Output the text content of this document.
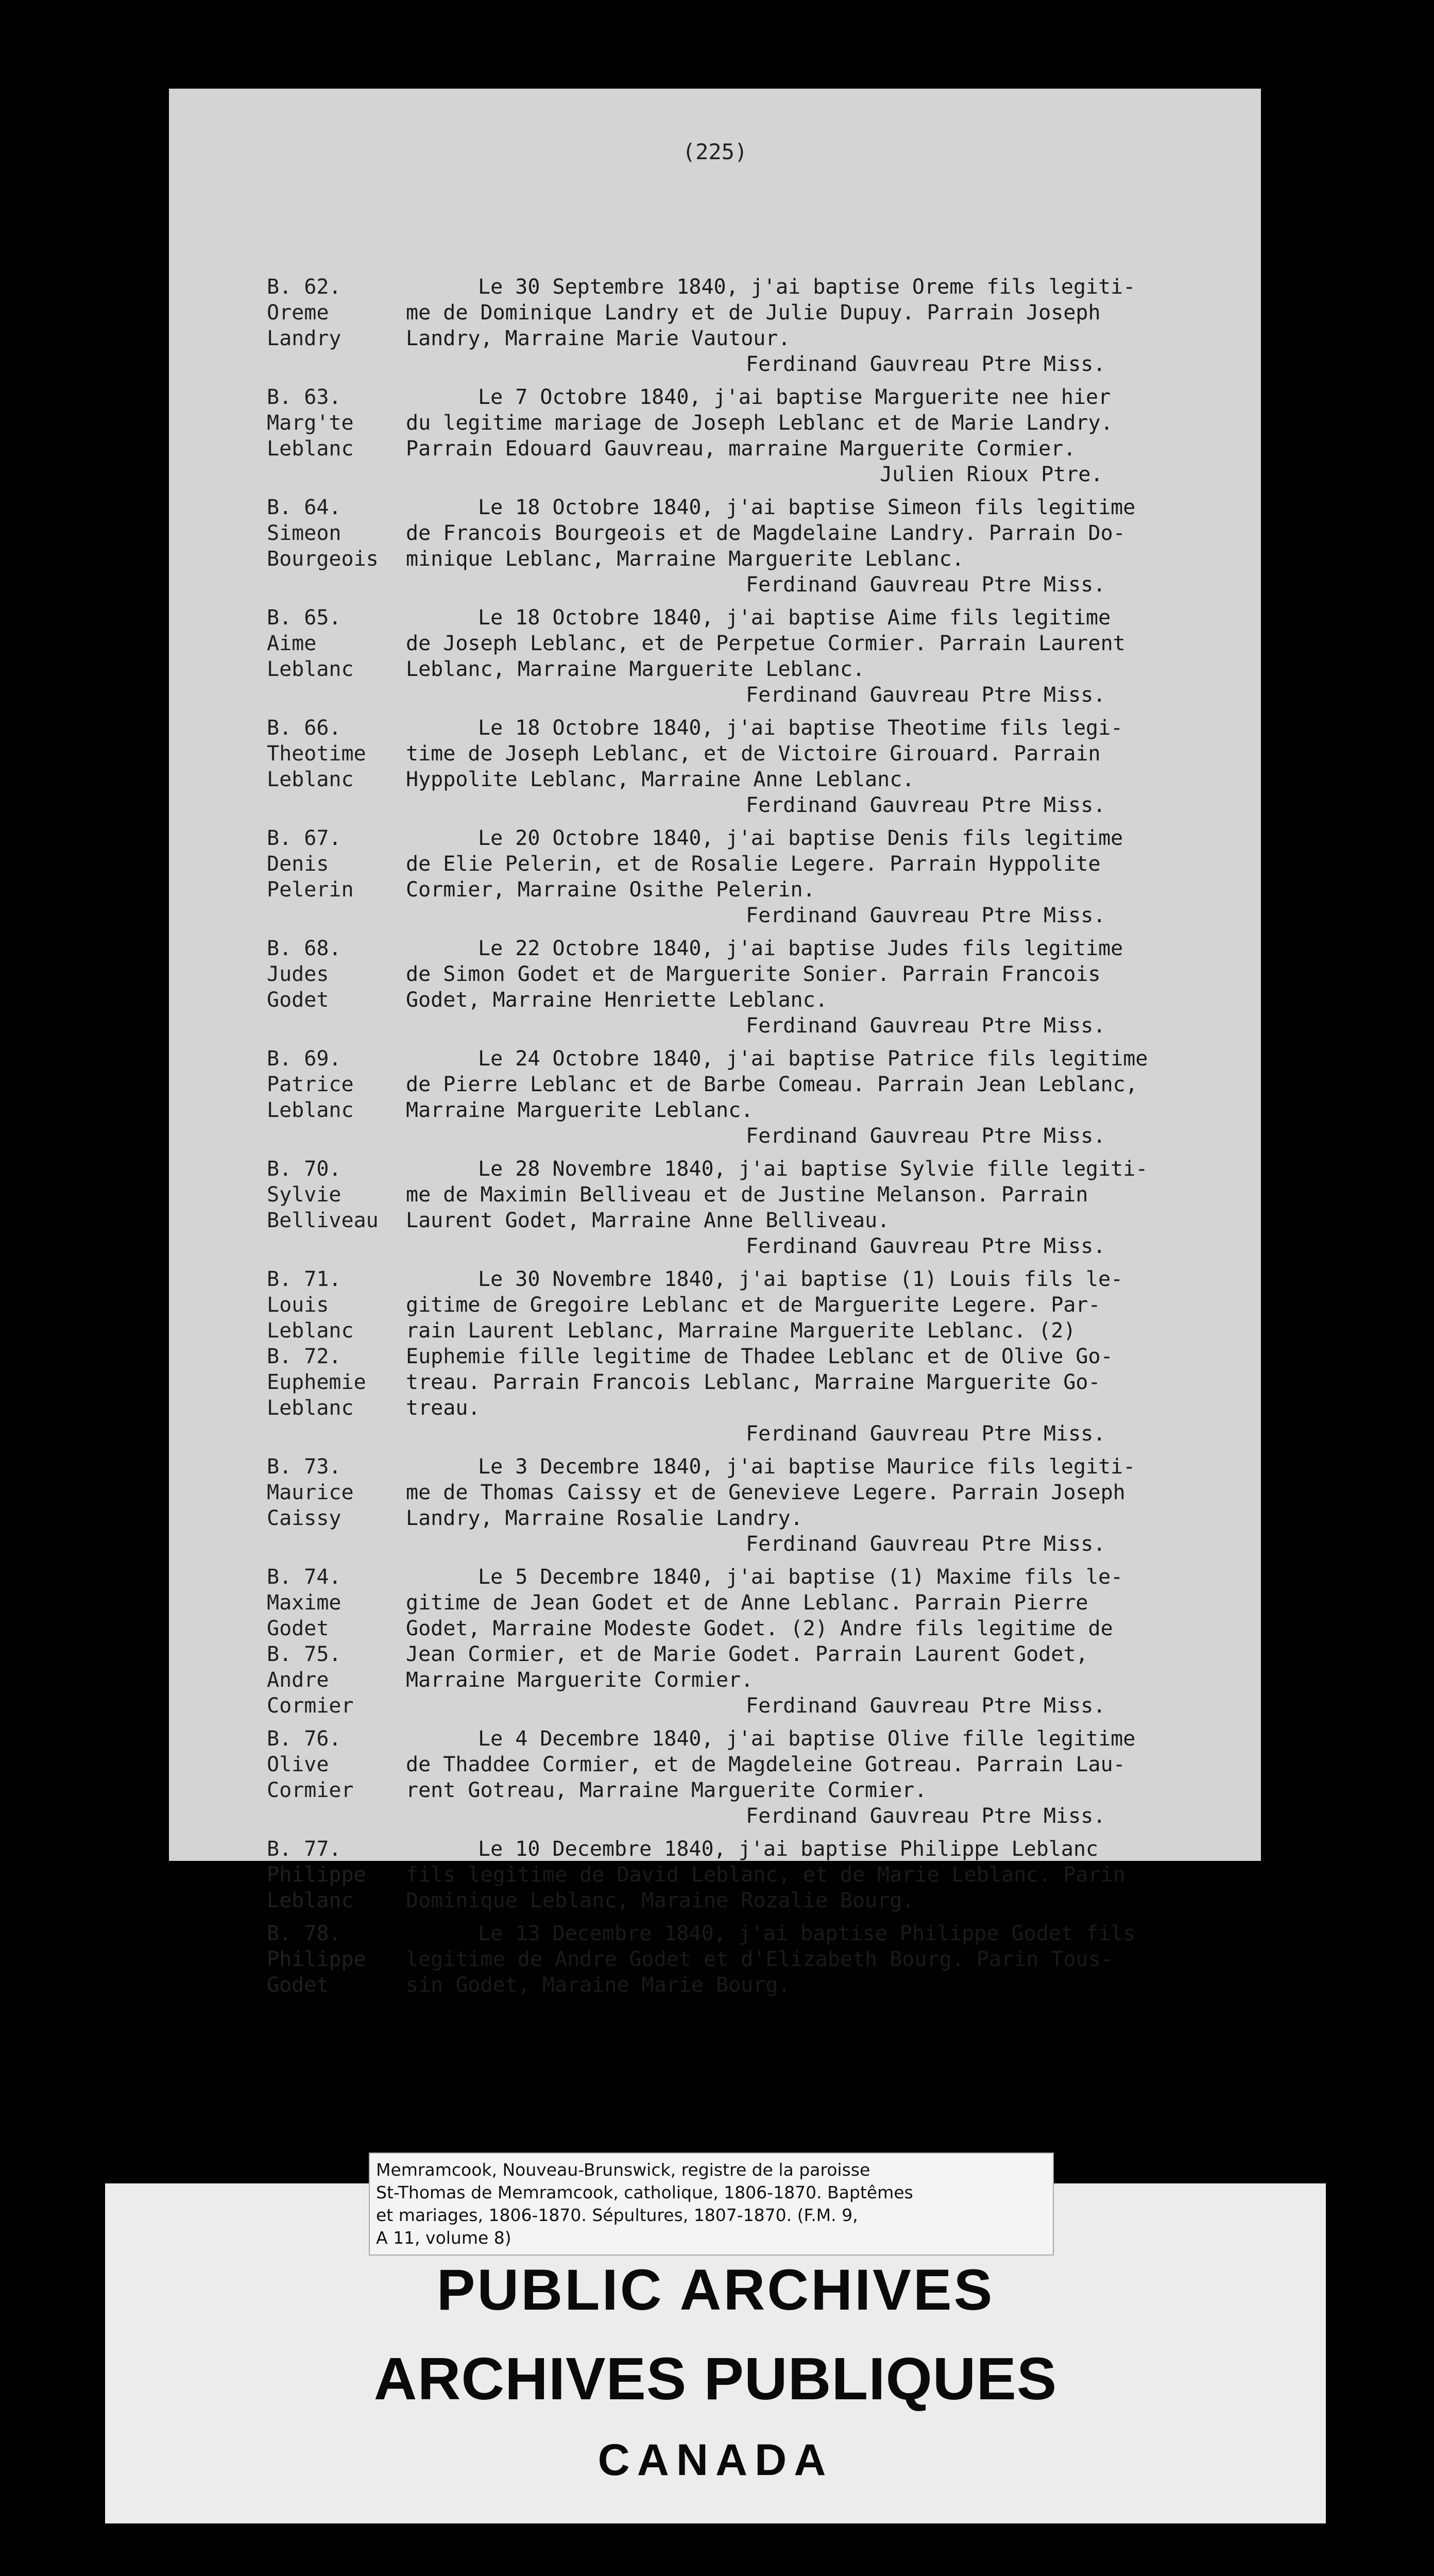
(225)
B. 62.
Oreme
Landry
Le 30 Septembre 1840, j'ai baptise Oreme fils legiti-
me de Dominique Landry et de Julie Dupuy. Parrain Joseph
Landry, Marraine Marie Vautour.
Ferdinand Gauvreau Ptre Miss.
B. 63.
Marg'te
Leblanc
Le 7 Octobre 1840, j'ai baptise Marguerite nee hier
du legitime mariage de Joseph Leblanc et de Marie Landry.
Parrain Edouard Gauvreau, marraine Marguerite Cormier.
Julien Rioux Ptre.
B. 64.
Simeon
Bourgeois
Le 18 Octobre 1840, j'ai baptise Simeon fils legitime
de Francois Bourgeois et de Magdelaine Landry. Parrain Do-
minique Leblanc, Marraine Marguerite Leblanc.
Ferdinand Gauvreau Ptre Miss.
B. 65.
Aime
Leblanc
Le 18 Octobre 1840, j'ai baptise Aime fils legitime
de Joseph Leblanc, et de Perpetue Cormier. Parrain Laurent
Leblanc, Marraine Marguerite Leblanc.
Ferdinand Gauvreau Ptre Miss.
B. 66.
Theotime
Leblanc
Le 18 Octobre 1840, j'ai baptise Theotime fils legi-
time de Joseph Leblanc, et de Victoire Girouard. Parrain
Hyppolite Leblanc, Marraine Anne Leblanc.
Ferdinand Gauvreau Ptre Miss.
B. 67.
Denis
Pelerin
Le 20 Octobre 1840, j'ai baptise Denis fils legitime
de Elie Pelerin, et de Rosalie Legere. Parrain Hyppolite
Cormier, Marraine Osithe Pelerin.
Ferdinand Gauvreau Ptre Miss.
B. 68.
Judes
Godet
Le 22 Octobre 1840, j'ai baptise Judes fils legitime
de Simon Godet et de Marguerite Sonier. Parrain Francois
Godet, Marraine Henriette Leblanc.
Ferdinand Gauvreau Ptre Miss.
B. 69.
Patrice
Leblanc
Le 24 Octobre 1840, j'ai baptise Patrice fils legitime
de Pierre Leblanc et de Barbe Comeau. Parrain Jean Leblanc,
Marraine Marguerite Leblanc.
Ferdinand Gauvreau Ptre Miss.
B. 70.
Sylvie
Belliveau
Le 28 Novembre 1840, j'ai baptise Sylvie fille legiti-
me de Maximin Belliveau et de Justine Melanson. Parrain
Laurent Godet, Marraine Anne Belliveau.
Ferdinand Gauvreau Ptre Miss.
B. 71.
Louis
Leblanc
B. 72.
Euphemie
Leblanc
Le 30 Novembre 1840, j'ai baptise (1) Louis fils le-
gitime de Gregoire Leblanc et de Marguerite Legere. Par-
rain Laurent Leblanc, Marraine Marguerite Leblanc. (2)
Euphemie fille legitime de Thadee Leblanc et de Olive Go-
treau. Parrain Francois Leblanc, Marraine Marguerite Go-
treau.
Ferdinand Gauvreau Ptre Miss.
B. 73.
Maurice
Caissy
Le 3 Decembre 1840, j'ai baptise Maurice fils legiti-
me de Thomas Caissy et de Genevieve Legere. Parrain Joseph
Landry, Marraine Rosalie Landry.
Ferdinand Gauvreau Ptre Miss.
B. 74.
Maxime
Godet
B. 75.
Andre
Cormier
Le 5 Decembre 1840, j'ai baptise (1) Maxime fils le-
gitime de Jean Godet et de Anne Leblanc. Parrain Pierre
Godet, Marraine Modeste Godet. (2) Andre fils legitime de
Jean Cormier, et de Marie Godet. Parrain Laurent Godet,
Marraine Marguerite Cormier.
Ferdinand Gauvreau Ptre Miss.
B. 76.
Olive
Cormier
Le 4 Decembre 1840, j'ai baptise Olive fille legitime
de Thaddee Cormier, et de Magdeleine Gotreau. Parrain Lau-
rent Gotreau, Marraine Marguerite Cormier.
Ferdinand Gauvreau Ptre Miss.
B. 77.
Philippe
Leblanc
Le 10 Decembre 1840, j'ai baptise Philippe Leblanc
fils legitime de David Leblanc, et de Marie Leblanc. Parin
Dominique Leblanc, Maraine Rozalie Bourg.
B. 78.
Philippe
Godet
Le 13 Decembre 1840, j'ai baptise Philippe Godet fils
legitime de Andre Godet et d'Elizabeth Bourg. Parin Tous-
sin Godet, Maraine Marie Bourg.
Memramcook, Nouveau-Brunswick, registre de la paroisse
St-Thomas de Memramcook, catholique, 1806-1870. Baptêmes
et mariages, 1806-1870. Sépultures, 1807-1870. (F.M. 9,
A 11, volume 8)
PUBLIC ARCHIVES
ARCHIVES PUBLIQUES
CANADA
